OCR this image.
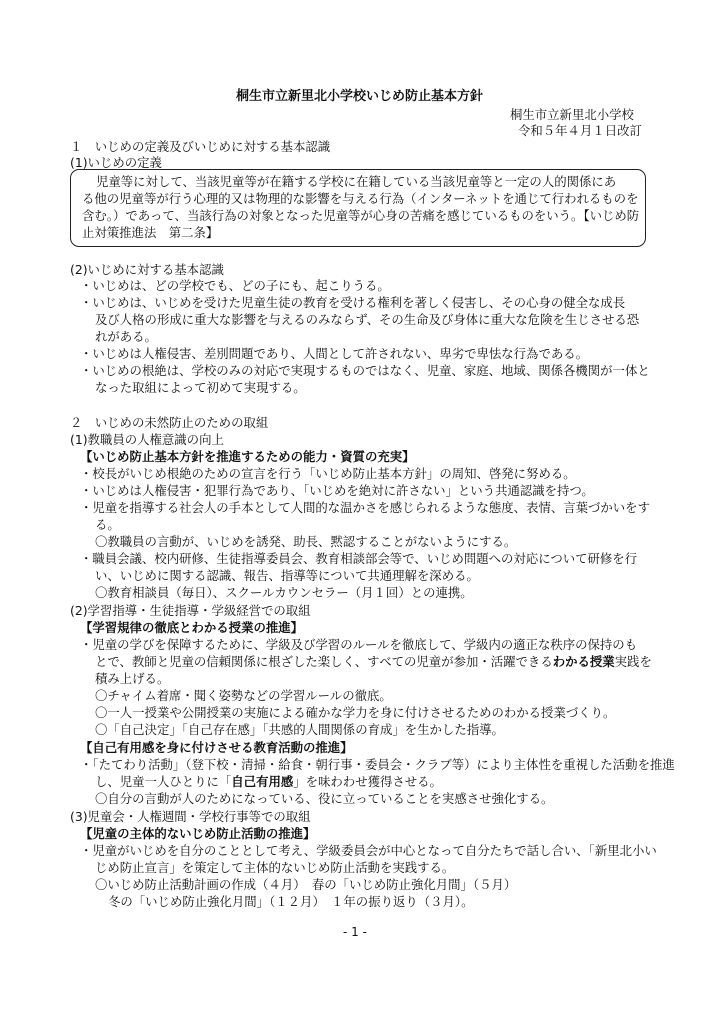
桐生市立新里北小学校いじめ防止基本方針
桐生市立新里北小学校
令和５年４月１日改訂
１　いじめの定義及びいじめに対する基本認識
(1)いじめの定義
児童等に対して、当該児童等が在籍する学校に在籍している当該児童等と一定の人的関係にあ
る他の児童等が行う心理的又は物理的な影響を与える行為（インターネットを通じて行われるものを
含む。）であって、当該行為の対象となった児童等が心身の苦痛を感じているものをいう。【いじめ防
止対策推進法　第二条】
(2)いじめに対する基本認識
・いじめは、どの学校でも、どの子にも、起こりうる。
・いじめは、いじめを受けた児童生徒の教育を受ける権利を著しく侵害し、その心身の健全な成長
及び人格の形成に重大な影響を与えるのみならず、その生命及び身体に重大な危険を生じさせる恐
れがある。
・いじめは人権侵害、差別問題であり、人間として許されない、卑劣で卑怯な行為である。
・いじめの根絶は、学校のみの対応で実現するものではなく、児童、家庭、地域、関係各機関が一体と
なった取組によって初めて実現する。
２　いじめの未然防止のための取組
(1)教職員の人権意識の向上
【いじめ防止基本方針を推進するための能力・資質の充実】
・校長がいじめ根絶のための宣言を行う「いじめ防止基本方針」の周知、啓発に努める。
・いじめは人権侵害・犯罪行為であり、「いじめを絶対に許さない」という共通認識を持つ。
・児童を指導する社会人の手本として人間的な温かさを感じられるような態度、表情、言葉づかいをす
る。
〇教職員の言動が、いじめを誘発、助長、黙認することがないようにする。
・職員会議、校内研修、生徒指導委員会、教育相談部会等で、いじめ問題への対応について研修を行
い、いじめに関する認識、報告、指導等について共通理解を深める。
〇教育相談員（毎日）、スクールカウンセラー（月１回）との連携。
(2)学習指導・生徒指導・学級経営での取組
【学習規律の徹底とわかる授業の推進】
・児童の学びを保障するために、学級及び学習のルールを徹底して、学級内の適正な秩序の保持のも
とで、教師と児童の信頼関係に根ざした楽しく、すべての児童が参加・活躍できるわかる授業実践を
積み上げる。
〇チャイム着席・聞く姿勢などの学習ルールの徹底。
〇一人一授業や公開授業の実施による確かな学力を身に付けさせるためのわかる授業づくり。
〇「自己決定」「自己存在感」「共感的人間関係の育成」を生かした指導。
【自己有用感を身に付けさせる教育活動の推進】
・「たてわり活動」（登下校・清掃・給食・朝行事・委員会・クラブ等）により主体性を重視した活動を推進
し、児童一人ひとりに「自己有用感」を味わわせ獲得させる。
〇自分の言動が人のためになっている、役に立っていることを実感させ強化する。
(3)児童会・人権週間・学校行事等での取組
【児童の主体的ないじめ防止活動の推進】
・児童がいじめを自分のこととして考え、学級委員会が中心となって自分たちで話し合い、「新里北小い
じめ防止宣言」を策定して主体的ないじめ防止活動を実践する。
〇いじめ防止活動計画の作成（４月）　春の「いじめ防止強化月間」（５月）
冬の「いじめ防止強化月間」（１２月）　１年の振り返り（３月）。
- 1 -
